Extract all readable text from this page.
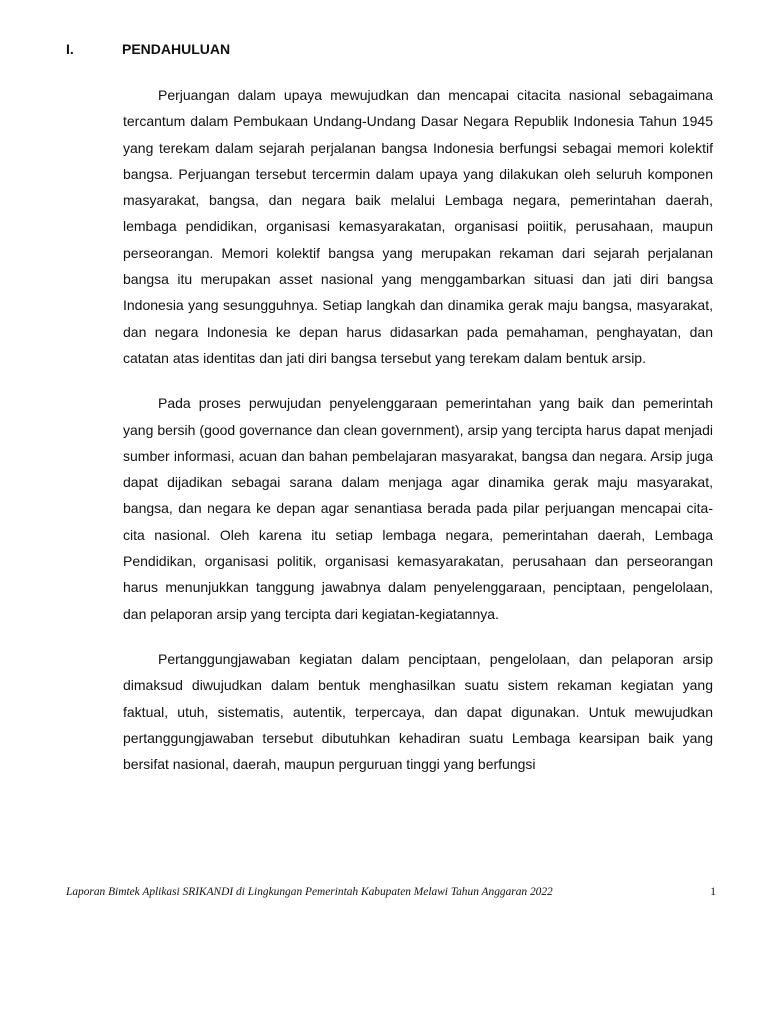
I.	PENDAHULUAN

Perjuangan dalam upaya mewujudkan dan mencapai citacita nasional sebagaimana tercantum dalam Pembukaan Undang-Undang Dasar Negara Republik Indonesia Tahun 1945 yang terekam dalam sejarah perjalanan bangsa Indonesia berfungsi sebagai memori kolektif bangsa. Perjuangan tersebut tercermin dalam upaya yang dilakukan oleh seluruh komponen masyarakat, bangsa, dan negara baik melalui Lembaga negara, pemerintahan daerah, lembaga pendidikan, organisasi kemasyarakatan, organisasi poiitik, perusahaan, maupun perseorangan. Memori kolektif bangsa yang merupakan rekaman dari sejarah perjalanan bangsa itu merupakan asset nasional yang menggambarkan situasi dan jati diri bangsa Indonesia yang sesungguhnya. Setiap langkah dan dinamika gerak maju bangsa, masyarakat, dan negara Indonesia ke depan harus didasarkan pada pemahaman, penghayatan, dan catatan atas identitas dan jati diri bangsa tersebut yang terekam dalam bentuk arsip.

Pada proses perwujudan penyelenggaraan pemerintahan yang baik dan pemerintah yang bersih (good governance dan clean government), arsip yang tercipta harus dapat menjadi sumber informasi, acuan dan bahan pembelajaran masyarakat, bangsa dan negara. Arsip juga dapat dijadikan sebagai sarana dalam menjaga agar dinamika gerak maju masyarakat, bangsa, dan negara ke depan agar senantiasa berada pada pilar perjuangan mencapai cita-cita nasional. Oleh karena itu setiap lembaga negara, pemerintahan daerah, Lembaga Pendidikan, organisasi politik, organisasi kemasyarakatan, perusahaan dan perseorangan harus menunjukkan tanggung jawabnya dalam penyelenggaraan, penciptaan, pengelolaan, dan pelaporan arsip yang tercipta dari kegiatan-kegiatannya.

Pertanggungjawaban kegiatan dalam penciptaan, pengelolaan, dan pelaporan arsip dimaksud diwujudkan dalam bentuk menghasilkan suatu sistem rekaman kegiatan yang faktual, utuh, sistematis, autentik, terpercaya, dan dapat digunakan. Untuk mewujudkan pertanggungjawaban tersebut dibutuhkan kehadiran suatu Lembaga kearsipan baik yang bersifat nasional, daerah, maupun perguruan tinggi yang berfungsi

Laporan Bimtek Aplikasi SRIKANDI di Lingkungan Pemerintah Kabupaten Melawi Tahun Anggaran 2022	1
